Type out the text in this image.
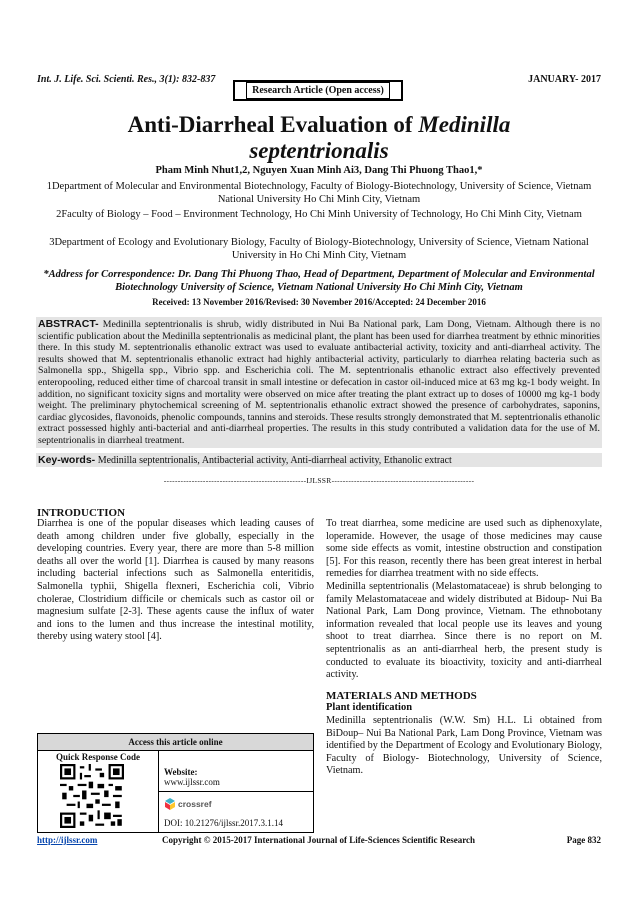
Int. J. Life. Sci. Scienti. Res., 3(1): 832-837	JANUARY- 2017
Research Article (Open access)
Anti-Diarrheal Evaluation of Medinilla
septentrionalis
Pham Minh Nhut1,2, Nguyen Xuan Minh Ai3, Dang Thi Phuong Thao1,*
1Department of Molecular and Environmental Biotechnology, Faculty of Biology-Biotechnology, University of Science, Vietnam National University Ho Chi Minh City, Vietnam
2Faculty of Biology – Food – Environment Technology, Ho Chi Minh University of Technology, Ho Chi Minh City, Vietnam
3Department of Ecology and Evolutionary Biology, Faculty of Biology-Biotechnology, University of Science, Vietnam National University in Ho Chi Minh City, Vietnam
*Address for Correspondence: Dr. Dang Thi Phuong Thao, Head of Department, Department of Molecular and Environmental Biotechnology University of Science, Vietnam National University Ho Chi Minh City, Vietnam
Received: 13 November 2016/Revised: 30 November 2016/Accepted: 24 December 2016
ABSTRACT- Medinilla septentrionalis is shrub, widly distributed in Nui Ba National park, Lam Dong, Vietnam. Although there is no scientific publication about the Medinilla septentrionalis as medicinal plant, the plant has been used for diarrhea treatment by ethnic minorities there. In this study M. septentrionalis ethanolic extract was used to evaluate antibacterial activity, toxicity and anti-diarrheal activity. The results showed that M. septentrionalis ethanolic extract had highly antibacterial activity, particularly to diarrhea relating bacteria such as Salmonella spp., Shigella spp., Vibrio spp. and Escherichia coli. The M. septentrionalis ethanolic extract also effectively prevented enteropooling, reduced either time of charcoal transit in small intestine or defecation in castor oil-induced mice at 63 mg kg-1 body weight. In addition, no significant toxicity signs and mortality were observed on mice after treating the plant extract up to doses of 10000 mg kg-1 body weight. The preliminary phytochemical screening of M. septentrionalis ethanolic extract showed the presence of carbohydrates, saponins, cardiac glycosides, flavonoids, phenolic compounds, tannins and steroids. These results strongly demonstrated that M. septentrionalis ethanolic extract possessed highly anti-bacterial and anti-diarrheal properties. The results in this study contributed a validation data for the use of M. septentrionalis in diarrheal treatment.
Key-words- Medinilla septentrionalis, Antibacterial activity, Anti-diarrheal activity, Ethanolic extract
---------------------------------------------------IJLSSR---------------------------------------------------
INTRODUCTION

Diarrhea is one of the popular diseases which leading causes of death among children under five globally, especially in the developing countries. Every year, there are more than 5-8 million deaths all over the world [1]. Diarrhea is caused by many reasons including bacterial infections such as Salmonella enteritidis, Salmonella typhii, Shigella flexneri, Escherichia coli, Vibrio cholerae, Clostridium difficile or chemicals such as castor oil or magnesium sulfate [2-3]. These agents cause the influx of water and ions to the lumen and thus increase the intestinal motility, thereby using watery stool [4].

Access this article online
Quick Response Code
Website:
www.ijlssr.com
crossref
DOI: 10.21276/ijlssr.2017.3.1.14

To treat diarrhea, some medicine are used such as diphenoxylate, loperamide. However, the usage of those medicines may cause some side effects as vomit, intestine obstruction and constipation [5]. For this reason, recently there has been great interest in herbal remedies for diarrhea treatment with no side effects.

Medinilla septentrionalis (Melastomataceae) is shrub belonging to family Melastomataceae and widely distributed at Bidoup- Nui Ba National Park, Lam Dong province, Vietnam. The ethnobotany information revealed that local people use its leaves and young shoot to treat diarrhea. Since there is no report on M. septentrionalis as an anti-diarrheal herb, the present study is conducted to evaluate its bioactivity, toxicity and anti-diarrheal activity.

MATERIALS AND METHODS
Plant identification

Medinilla septentrionalis (W.W. Sm) H.L. Li obtained from BiDoup– Nui Ba National Park, Lam Dong Province, Vietnam was identified by the Department of Ecology and Evolutionary Biology, Faculty of Biology- Biotechnology, University of Science, Vietnam.

http://ijlssr.com	Copyright © 2015-2017 International Journal of Life-Sciences Scientific Research	Page 832
